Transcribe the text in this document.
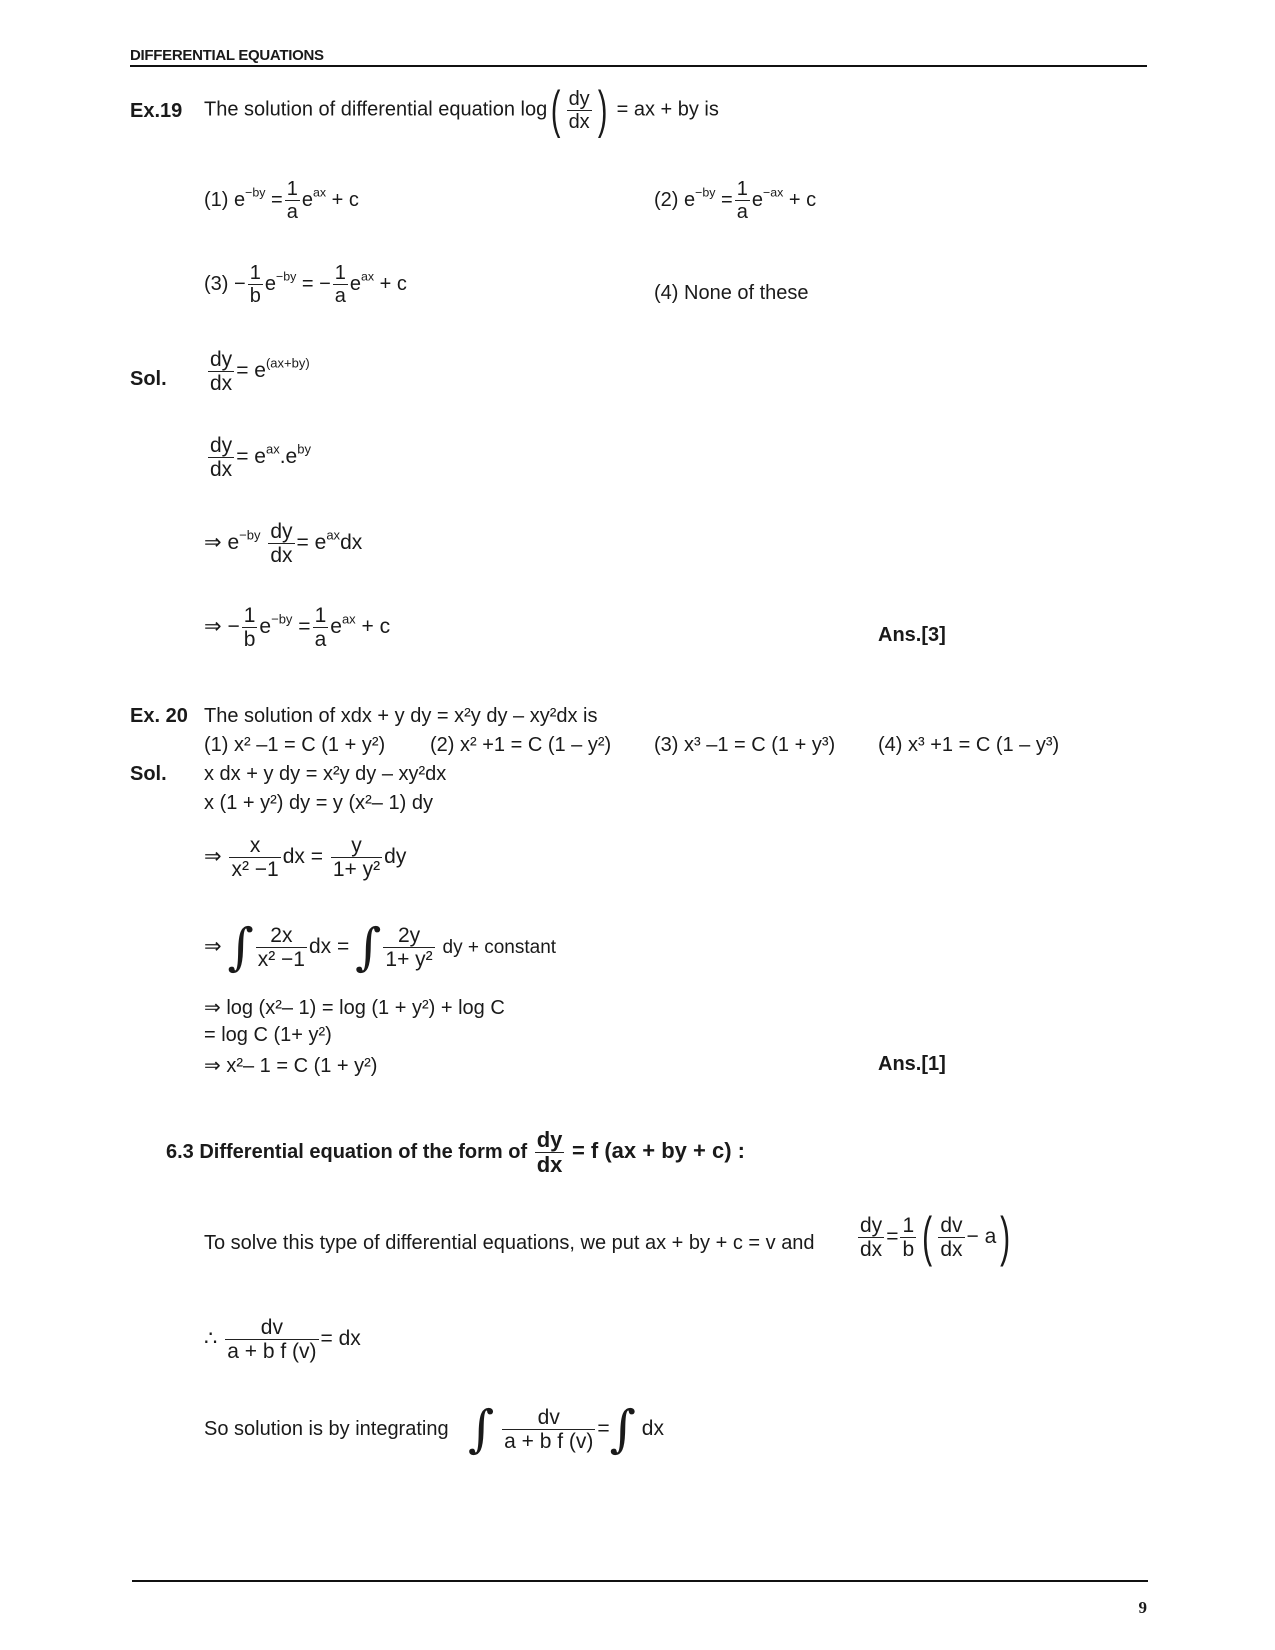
DIFFERENTIAL EQUATIONS
Ex.19 The solution of differential equation $\log( \frac{dy}{dx}$ ) = ax + by is
(1) $e^{-by} = \frac{1}{a} e^{ax} + c$	(2) $e^{-by} = \frac{1}{a} e^{-ax} + c$
$(3) - \frac{1}{b} e^{-by}$ = − $\frac{1}{a} e^{ax} + c$	(4) None of these
Sol. $\frac{dy}{dx} = e^{(ax+by)}$
$\frac{dy}{dx} = e^{ax}.e^{by}$
⇒ $e^{-by} \frac{dy}{dx} = e^{ax}dx$
⇒ − $\frac{1}{b} e^{-by} = \frac{1}{a} e^{ax} + c$	Ans.[3]
Ex. 20 The solution of xdx + y dy = x²y dy – xy²dx is
(1) x² –1 = C (1 + y²) (2) x² +1 = C (1 – y²) (3) x³ –1 = C (1 + y³) (4) x³ +1 = C (1 – y³)
Sol. x dx + y dy = x²y dy – xy²dx
x (1 + y²) dy = y (x²– 1) dy
⇒ $\frac{x}{\text{x² −1}}$ dx = $\frac{y}{\text{1+ y²}}$ dy
⇒ ∫ $\frac{2x}{\text{x² −1}}$ dx = ∫ $\frac{2y}{\text{1+ y²}}$ dy + constant
⇒ log (x²– 1) = log (1 + y²) + log C
= log C (1+ y²)
⇒ x²– 1 = C (1 + y²)	Ans.[1]
6.3 Differential equation of the form of $\frac{dy}{dx} = f$ (ax + by + c) :
To solve this type of differential equations, we put ax + by + c = v and $\frac{dy}{dx} = \frac{1}{b}$ ( $\frac{dv}{dx} - a$)
∴ $\frac{dv}{\text{a + b f (v)}}$ = dx
So solution is by integrating ∫ $\frac{dv}{\text{a + b f (v)}}$ =∫ dx
9
